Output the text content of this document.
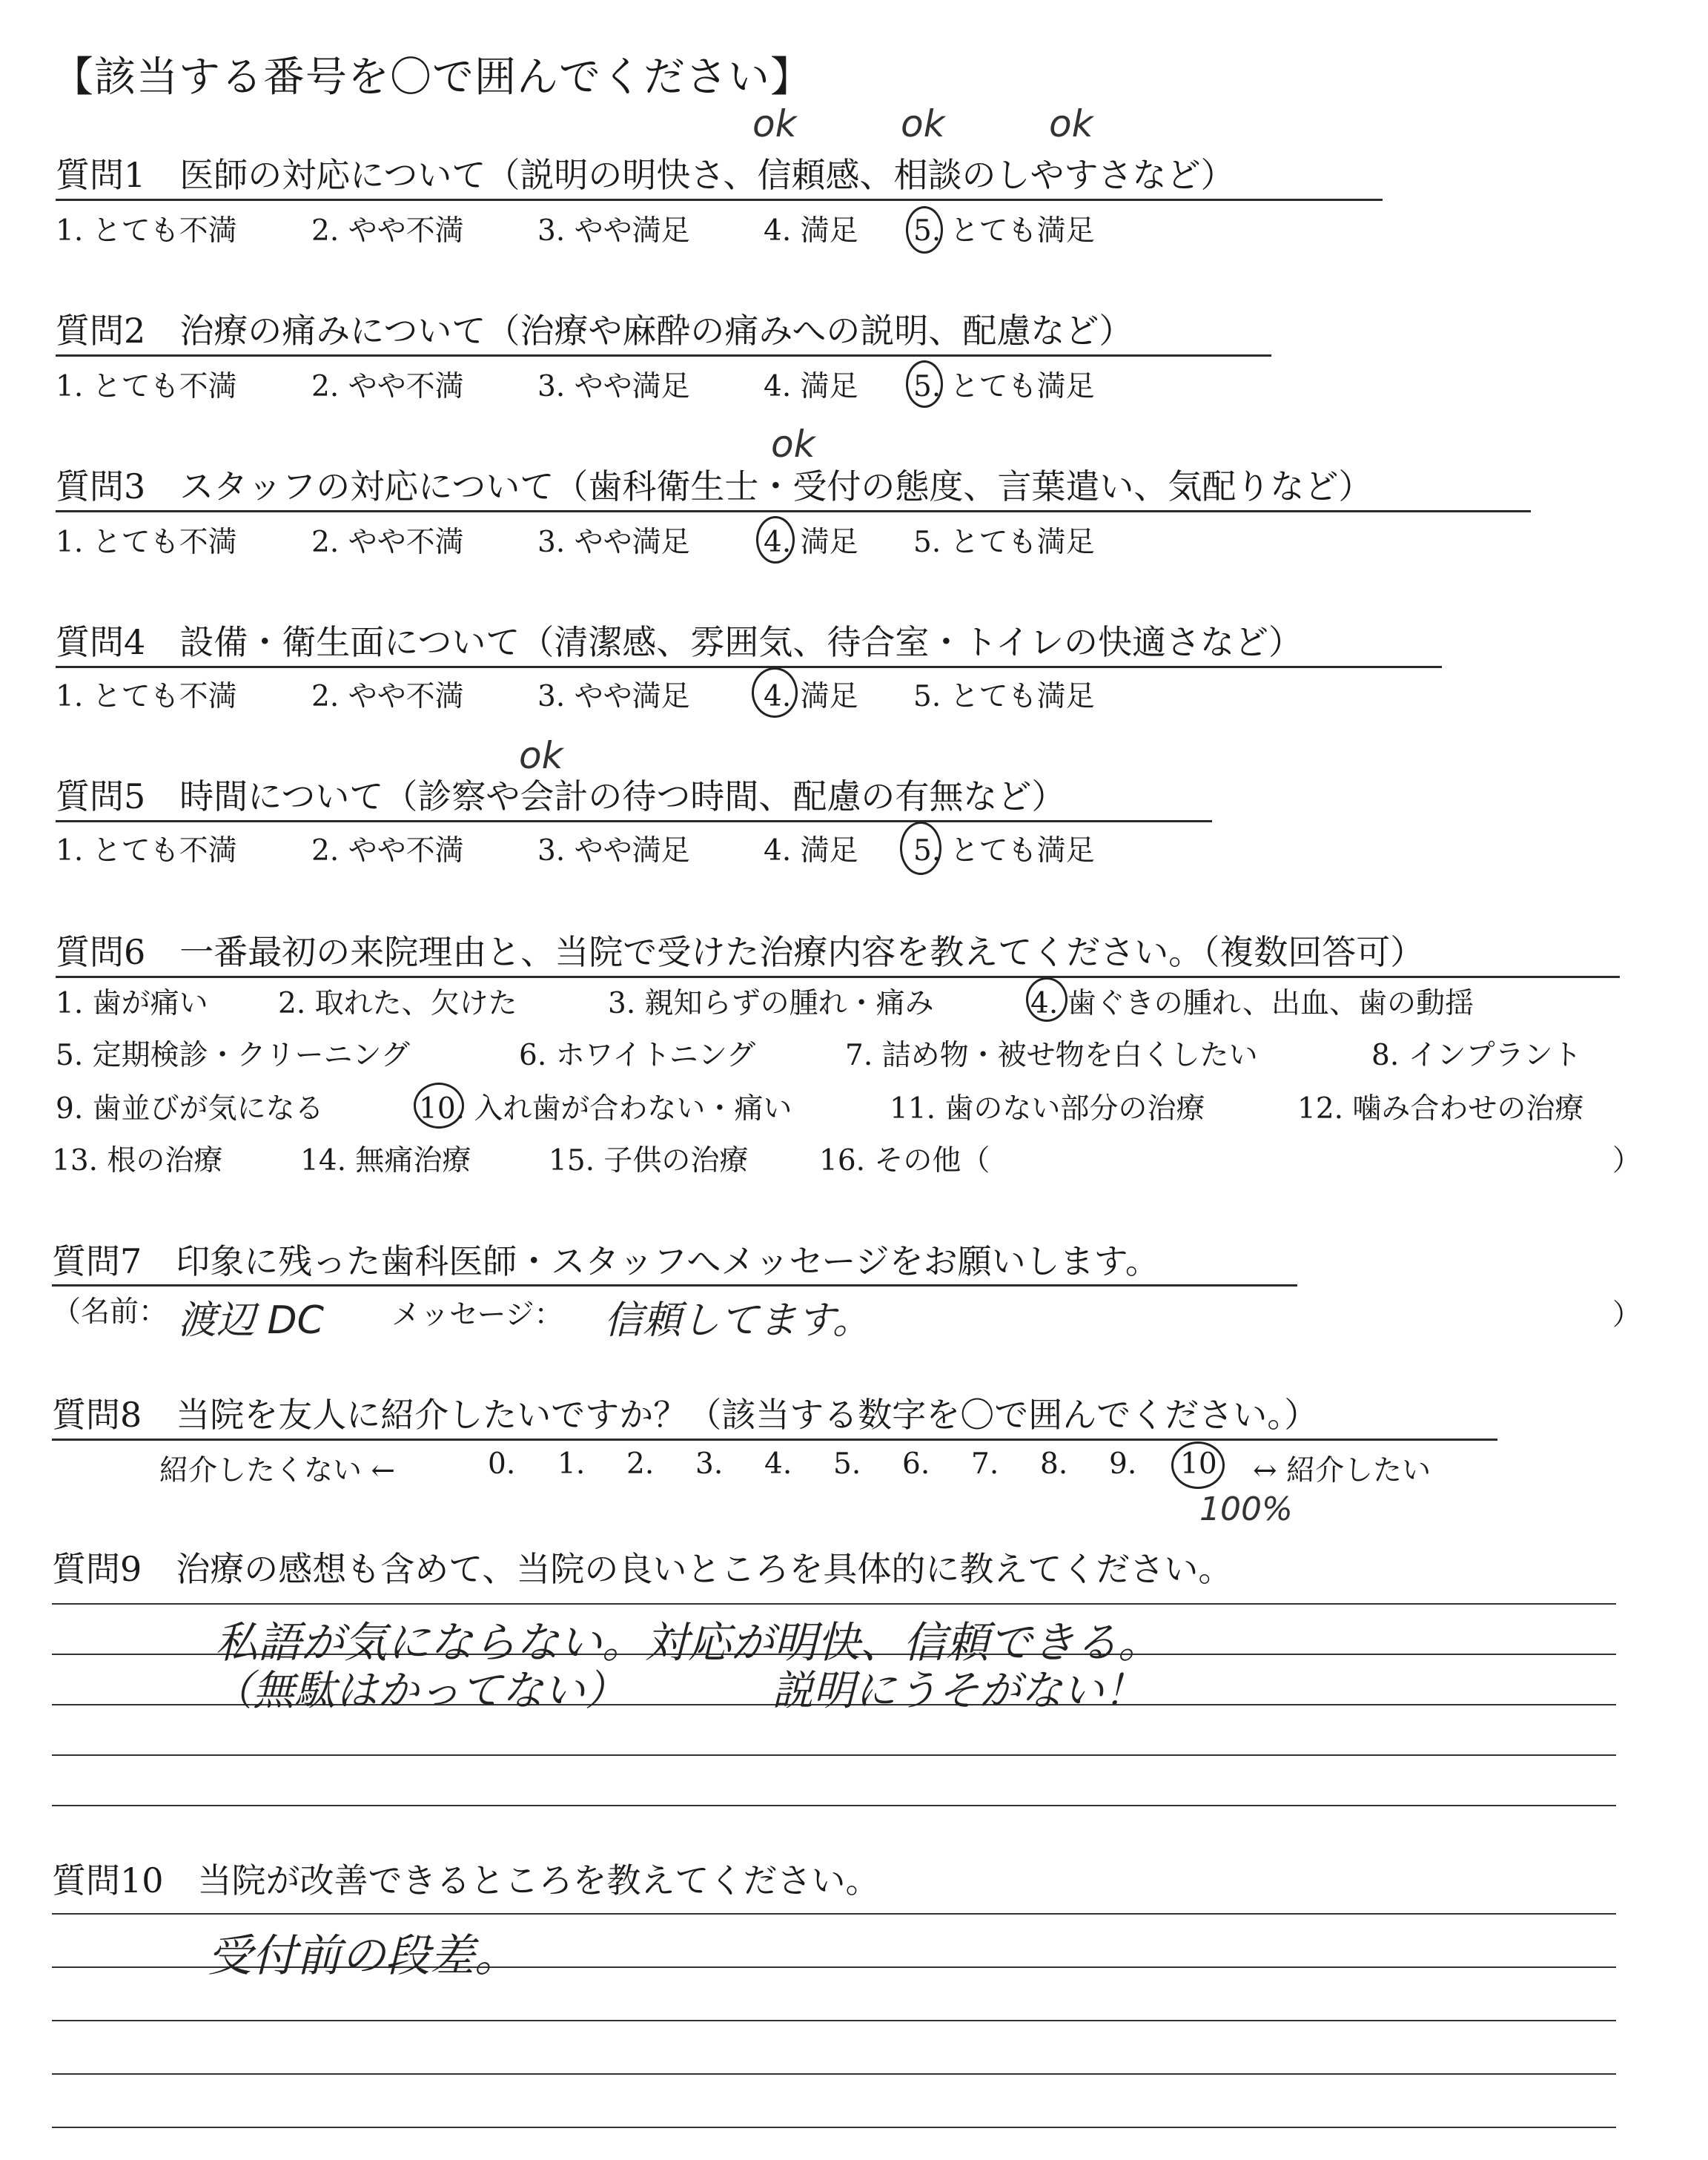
【該当する番号を〇で囲んでください】
ok	ok	ok
質問1　医師の対応について（説明の明快さ、信頼感、相談のしやすさなど）
1. とても不満	2. やや不満	3. やや満足	4. 満足 5. とても満足
質問2　治療の痛みについて（治療や麻酔の痛みへの説明、配慮など）
1. とても不満	2. やや不満	3. やや満足	4. 満足 5. とても満足
ok
質問3　スタッフの対応について（歯科衛生士・受付の態度、言葉遣い、気配りなど）
1. とても不満	2. やや不満	3. やや満足	4. 満足 5. とても満足
質問4　設備・衛生面について（清潔感、雰囲気、待合室・トイレの快適さなど）
1. とても不満	2. やや不満	3. やや満足	4. 満足 5. とても満足
ok
質問5　時間について（診察や会計の待つ時間、配慮の有無など）
1. とても不満	2. やや不満	3. やや満足	4. 満足 5. とても満足
質問6　一番最初の来院理由と、当院で受けた治療内容を教えてください。（複数回答可）
1. 歯が痛い 2. 取れた、欠けた	3. 親知らずの腫れ・痛み	4. 歯ぐきの腫れ、出血、歯の動揺
5. 定期検診・クリーニング	6. ホワイトニング	7. 詰め物・被せ物を白くしたい	8. インプラント
9. 歯並びが気になる	10. 入れ歯が合わない・痛い	11. 歯のない部分の治療	12. 噛み合わせの治療
13. 根の治療	14. 無痛治療	15. 子供の治療 16. その他（	）
質問7　印象に残った歯科医師・スタッフへメッセージをお願いします。
（名前： 渡辺 DC メッセージ： 信頼してます。	）
質問8　当院を友人に紹介したいですか？（該当する数字を〇で囲んでください。）
紹介したくない ←	0. 1. 2. 3. 4. 5. 6. 7. 8. 9. 10 ↔ 紹介したい
100%
質問9　治療の感想も含めて、当院の良いところを具体的に教えてください。
私語が気にならない。対応が明快、信頼できる。
（無駄はかってない）　　　　説明にうそがない！
質問10　当院が改善できるところを教えてください。
受付前の段差。
